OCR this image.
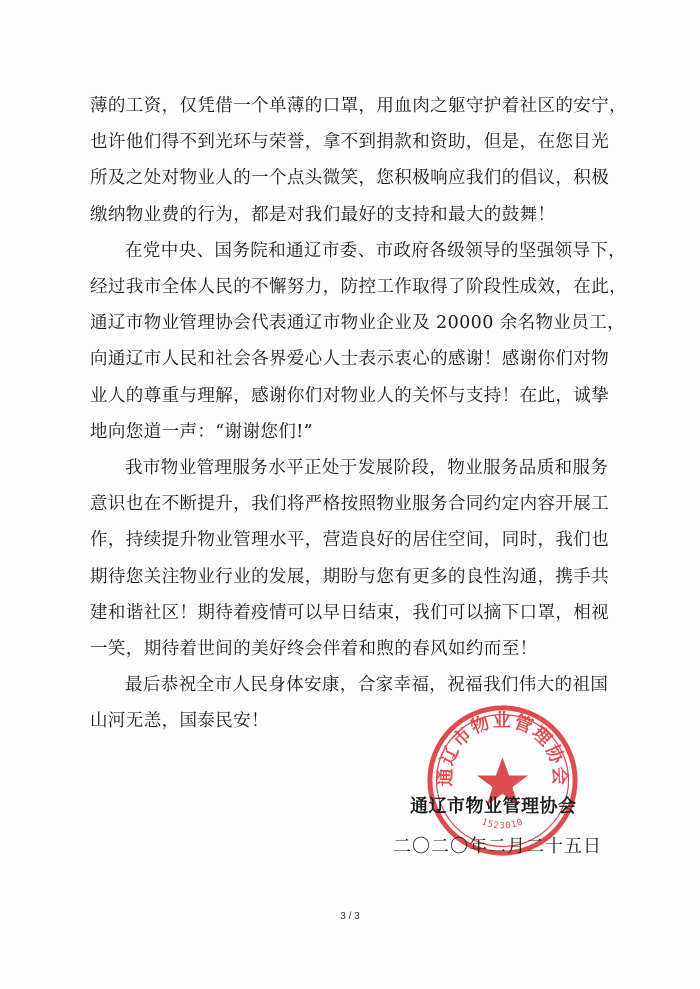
薄的工资，仅凭借一个单薄的口罩，用血肉之躯守护着社区的安宁，
也许他们得不到光环与荣誉，拿不到捐款和资助，但是，在您目光
所及之处对物业人的一个点头微笑，您积极响应我们的倡议，积极
缴纳物业费的行为，都是对我们最好的支持和最大的鼓舞！

在党中央、国务院和通辽市委、市政府各级领导的坚强领导下，
经过我市全体人民的不懈努力，防控工作取得了阶段性成效，在此，
通辽市物业管理协会代表通辽市物业企业及 20000 余名物业员工，
向通辽市人民和社会各界爱心人士表示衷心的感谢！感谢你们对物
业人的尊重与理解，感谢你们对物业人的关怀与支持！在此，诚挚
地向您道一声：“谢谢您们!”

我市物业管理服务水平正处于发展阶段，物业服务品质和服务
意识也在不断提升，我们将严格按照物业服务合同约定内容开展工
作，持续提升物业管理水平，营造良好的居住空间，同时，我们也
期待您关注物业行业的发展，期盼与您有更多的良性沟通，携手共
建和谐社区！期待着疫情可以早日结束，我们可以摘下口罩，相视
一笑，期待着世间的美好终会伴着和煦的春风如约而至！

最后恭祝全市人民身体安康，合家幸福，祝福我们伟大的祖国
山河无恙，国泰民安！

通辽市物业管理协会
1523010
通辽市物业管理协会
二〇二〇年二月二十五日
3 / 3
